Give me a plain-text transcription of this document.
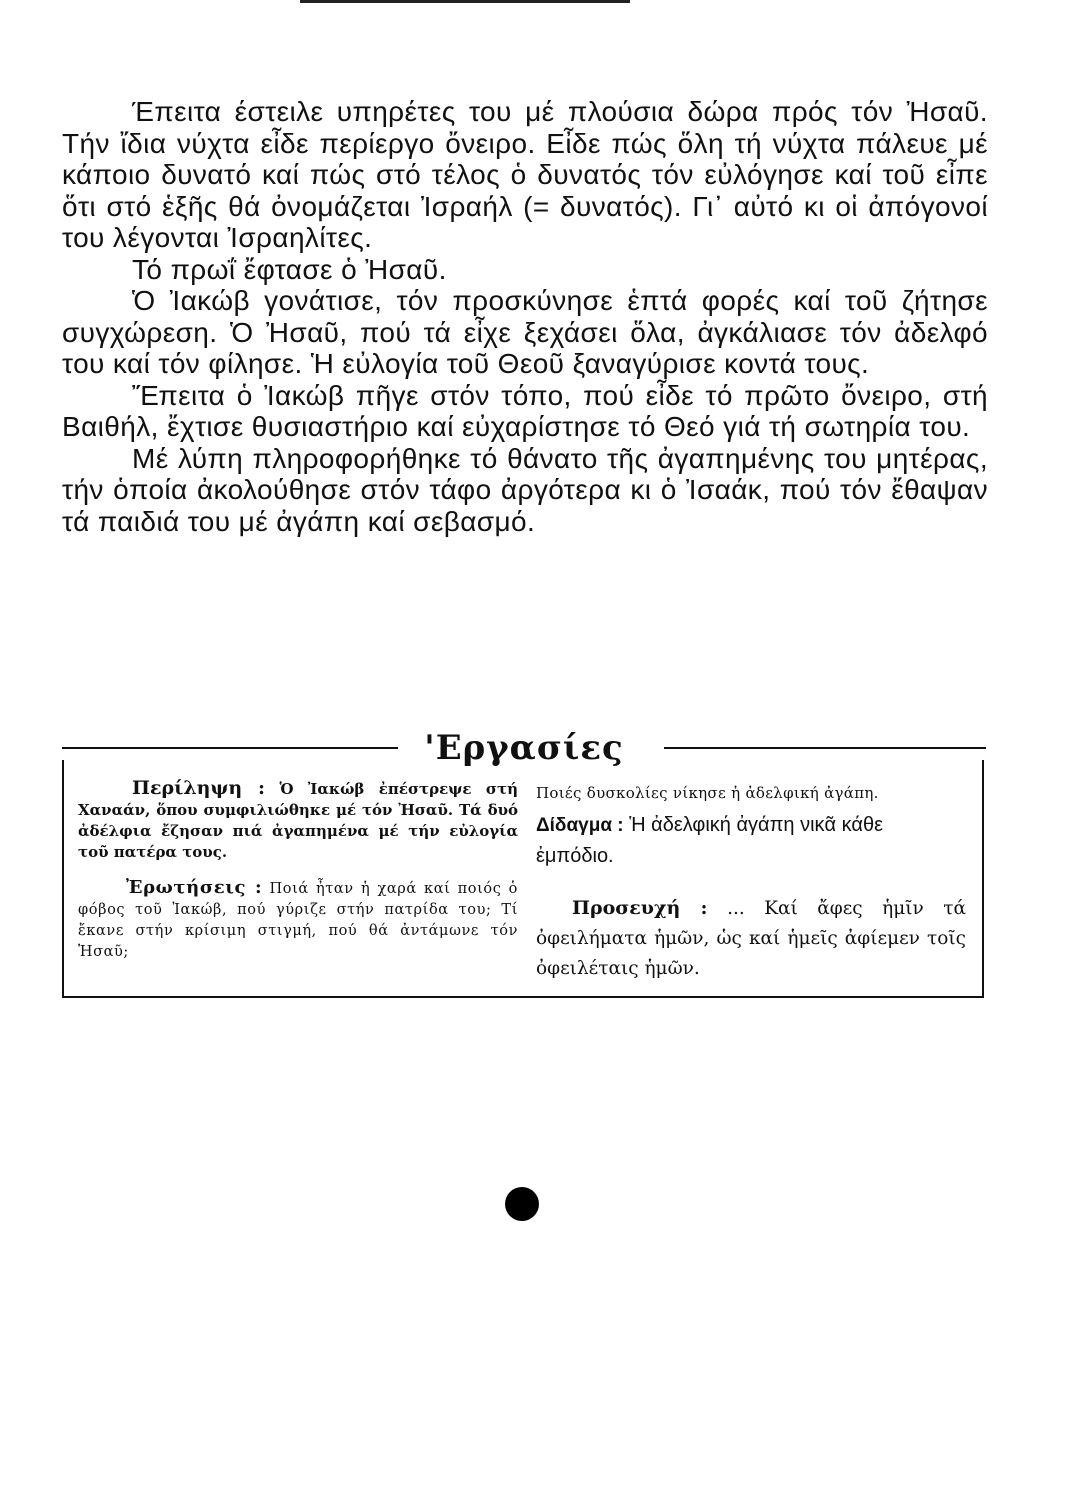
Έπειτα έστειλε υπηρέτες του μέ πλούσια δώρα πρός τόν Ἠσαῦ. Τήν ἴδια νύχτα εἶδε περίεργο ὄνειρο. Εἶδε πώς ὅλη τή νύχτα πάλευε μέ κάποιο δυνατό καί πώς στό τέλος ὁ δυνατός τόν εὐλόγησε καί τοῦ εἶπε ὅτι στό ἑξῆς θά ὀνομάζεται Ἰσραήλ (= δυνατός). Γι᾽ αὐτό κι οἱ ἀπόγονοί του λέγονται Ἰσραηλίτες.

Τό πρωΐ ἔφτασε ὁ Ἠσαῦ.

Ὁ Ἰακώβ γονάτισε, τόν προσκύνησε ἑπτά φορές καί τοῦ ζήτησε συγχώρεση. Ὁ Ἠσαῦ, πού τά εἶχε ξεχάσει ὅλα, ἀγκάλιασε τόν ἀδελφό του καί τόν φίλησε. Ἡ εὐλογία τοῦ Θεοῦ ξαναγύρισε κοντά τους.

Ἔπειτα ὁ Ἰακώβ πῆγε στόν τόπο, πού εἶδε τό πρῶτο ὄνειρο, στή Βαιθήλ, ἔχτισε θυσιαστήριο καί εὐχαρίστησε τό Θεό γιά τή σωτηρία του.

Μέ λύπη πληροφορήθηκε τό θάνατο τῆς ἀγαπημένης του μητέρας, τήν ὁποία ἀκολούθησε στόν τάφο ἀργότερα κι ὁ Ἰσαάκ, πού τόν ἔθαψαν τά παιδιά του μέ ἀγάπη καί σεβασμό.

'Εργασίες

Περίληψη : Ὁ Ἰακώβ ἐπέστρεψε στή Χαναάν, ὅπου συμφιλιώθηκε μέ τόν Ἠσαῦ. Τά δυό ἀδέλφια ἔζησαν πιά ἀγαπημένα μέ τήν εὐλογία τοῦ πατέρα τους.

Ἐρωτήσεις : Ποιά ἦταν ἡ χαρά καί ποιός ὁ φόβος τοῦ Ἰακώβ, πού γύριζε στήν πατρίδα του; Τί ἔκανε στήν κρίσιμη στιγμή, πού θά ἀντάμωνε τόν Ἠσαῦ;

Ποιές δυσκολίες νίκησε ἡ ἀδελφική ἀγάπη.

Δίδαγμα : Ἡ ἀδελφική ἀγάπη νικᾶ κάθε ἐμπόδιο.

Προσευχή : ... Καί ἄφες ἡμῖν τά ὀφειλήματα ἡμῶν, ὡς καί ἡμεῖς ἀφίεμεν τοῖς ὀφειλέταις ἡμῶν.
